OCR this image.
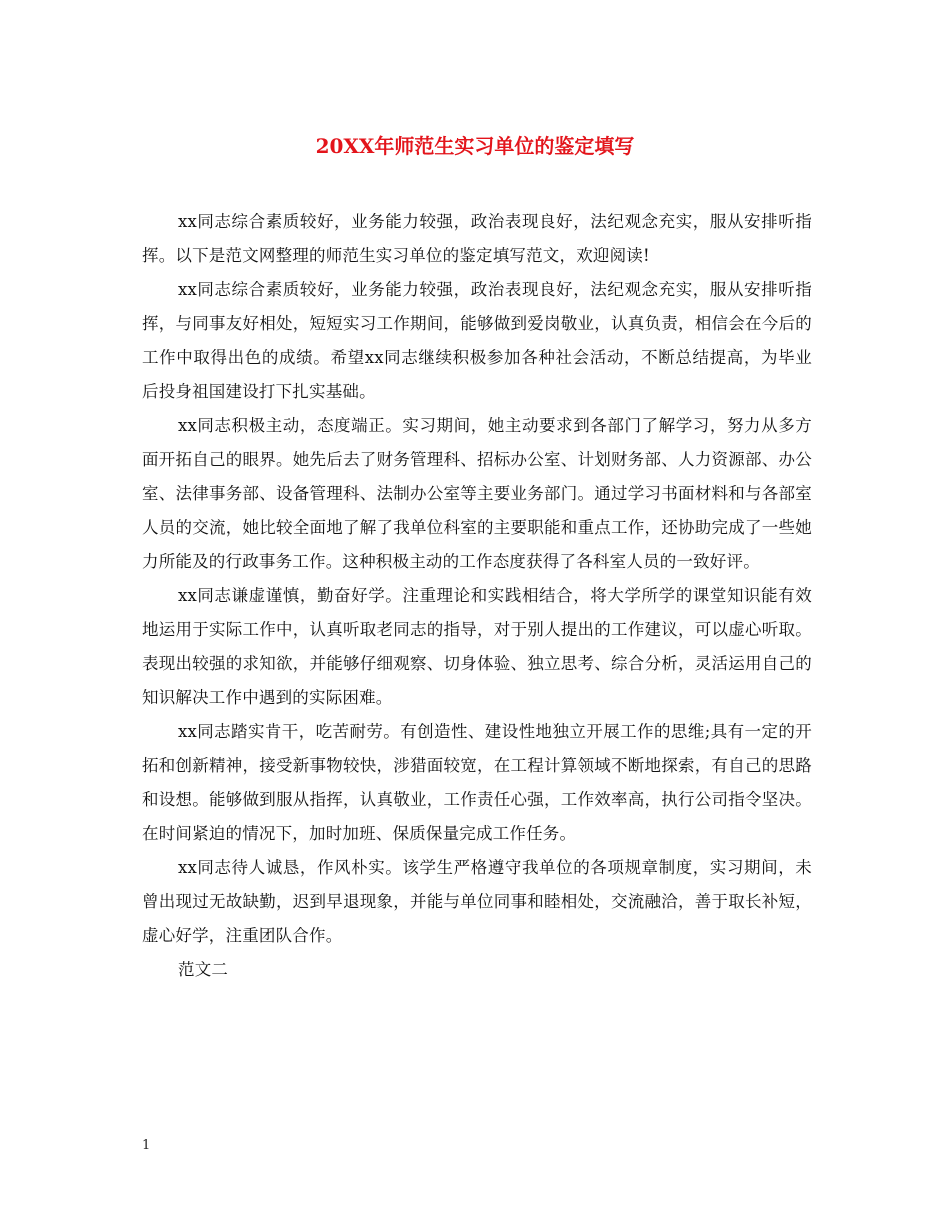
20XX年师范生实习单位的鉴定填写

xx同志综合素质较好，业务能力较强，政治表现良好，法纪观念充实，服从安排听指挥。以下是范文网整理的师范生实习单位的鉴定填写范文，欢迎阅读!

xx同志综合素质较好，业务能力较强，政治表现良好，法纪观念充实，服从安排听指挥，与同事友好相处，短短实习工作期间，能够做到爱岗敬业，认真负责，相信会在今后的工作中取得出色的成绩。希望xx同志继续积极参加各种社会活动，不断总结提高，为毕业后投身祖国建设打下扎实基础。

xx同志积极主动，态度端正。实习期间，她主动要求到各部门了解学习，努力从多方面开拓自己的眼界。她先后去了财务管理科、招标办公室、计划财务部、人力资源部、办公室、法律事务部、设备管理科、法制办公室等主要业务部门。通过学习书面材料和与各部室人员的交流，她比较全面地了解了我单位科室的主要职能和重点工作，还协助完成了一些她力所能及的行政事务工作。这种积极主动的工作态度获得了各科室人员的一致好评。

xx同志谦虚谨慎，勤奋好学。注重理论和实践相结合，将大学所学的课堂知识能有效地运用于实际工作中，认真听取老同志的指导，对于别人提出的工作建议，可以虚心听取。表现出较强的求知欲，并能够仔细观察、切身体验、独立思考、综合分析，灵活运用自己的知识解决工作中遇到的实际困难。

xx同志踏实肯干，吃苦耐劳。有创造性、建设性地独立开展工作的思维;具有一定的开拓和创新精神，接受新事物较快，涉猎面较宽，在工程计算领域不断地探索，有自己的思路和设想。能够做到服从指挥，认真敬业，工作责任心强，工作效率高，执行公司指令坚决。在时间紧迫的情况下，加时加班、保质保量完成工作任务。

xx同志待人诚恳，作风朴实。该学生严格遵守我单位的各项规章制度，实习期间，未曾出现过无故缺勤，迟到早退现象，并能与单位同事和睦相处，交流融洽，善于取长补短，虚心好学，注重团队合作。

范文二

1
